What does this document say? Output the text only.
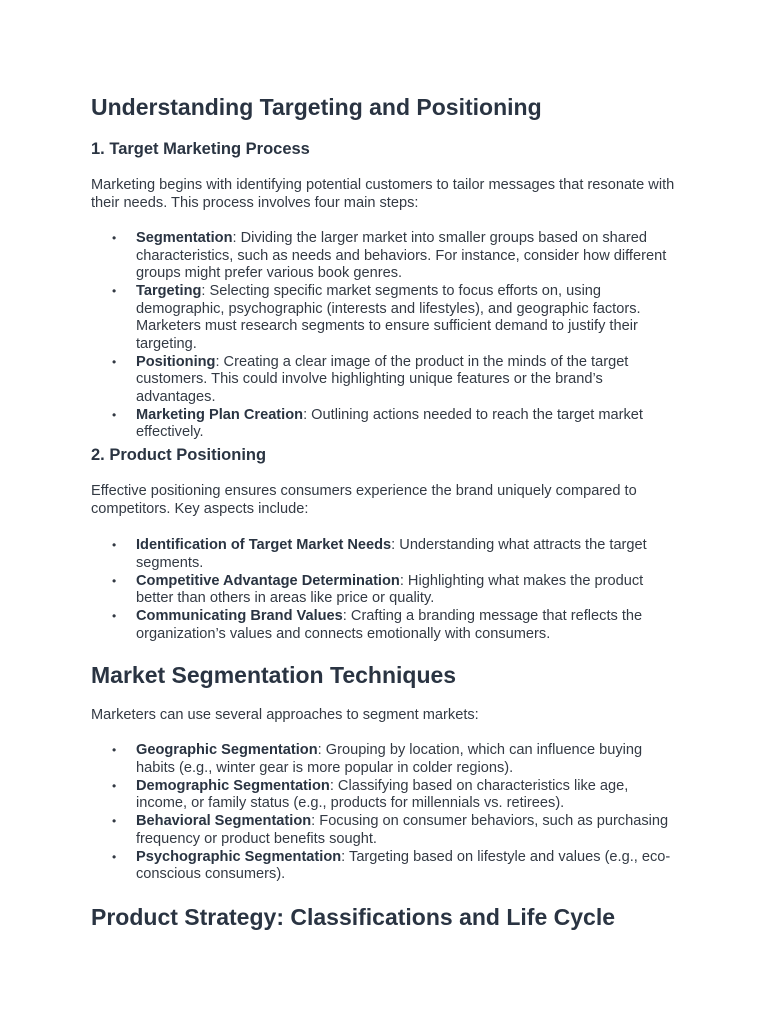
Understanding Targeting and Positioning
1. Target Marketing Process

Marketing begins with identifying potential customers to tailor messages that resonate with their needs. This process involves four main steps:

• Segmentation: Dividing the larger market into smaller groups based on shared characteristics, such as needs and behaviors. For instance, consider how different groups might prefer various book genres.
• Targeting: Selecting specific market segments to focus efforts on, using demographic, psychographic (interests and lifestyles), and geographic factors. Marketers must research segments to ensure sufficient demand to justify their targeting.
• Positioning: Creating a clear image of the product in the minds of the target customers. This could involve highlighting unique features or the brand’s advantages.
• Marketing Plan Creation: Outlining actions needed to reach the target market effectively.
2. Product Positioning

Effective positioning ensures consumers experience the brand uniquely compared to competitors. Key aspects include:

• Identification of Target Market Needs: Understanding what attracts the target segments.
• Competitive Advantage Determination: Highlighting what makes the product better than others in areas like price or quality.
• Communicating Brand Values: Crafting a branding message that reflects the organization’s values and connects emotionally with consumers.
Market Segmentation Techniques

Marketers can use several approaches to segment markets:

• Geographic Segmentation: Grouping by location, which can influence buying habits (e.g., winter gear is more popular in colder regions).
• Demographic Segmentation: Classifying based on characteristics like age, income, or family status (e.g., products for millennials vs. retirees).
• Behavioral Segmentation: Focusing on consumer behaviors, such as purchasing frequency or product benefits sought.
• Psychographic Segmentation: Targeting based on lifestyle and values (e.g., eco-conscious consumers).
Product Strategy: Classifications and Life Cycle
